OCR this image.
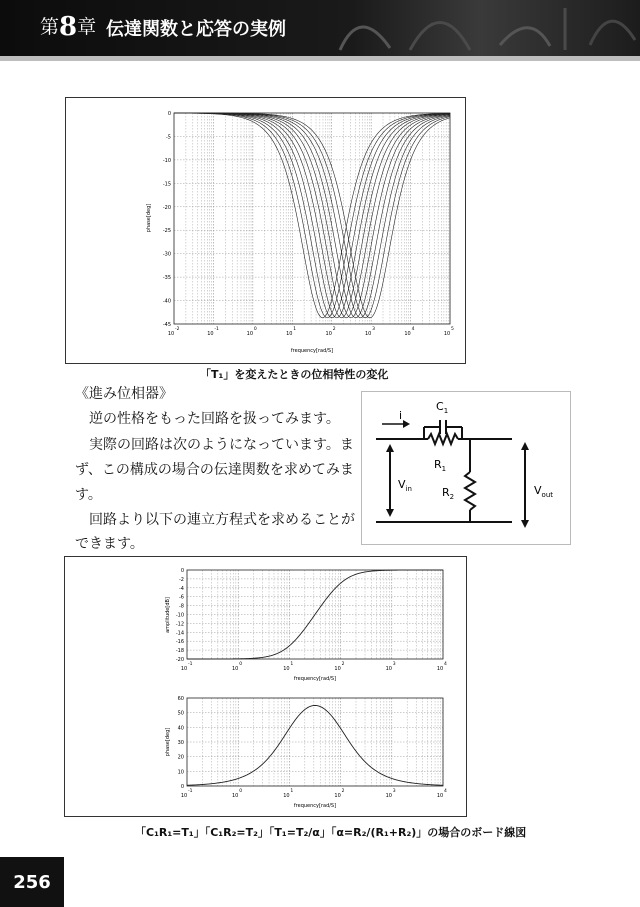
第8章 伝達関数と応答の実例
0
-5
-10
-15
-20
-25
-30
-35
-40
-45
10
-2
10
-1
10
0
10
1
10
2
10
3
10
4
10
5
phase[deg]
frequency[rad/S]
「T₁」を変えたときの位相特性の変化
《進み位相器》
　逆の性格をもった回路を扱ってみます。
　実際の回路は次のようになっています。ま
ず、この構成の場合の伝達関数を求めてみま
す。
　回路より以下の連立方程式を求めることが
できます。
i
$C_1$
$R_1$
$R_2$
$V_{in}$	$V_{out}$
0
-2
-4
-6
-8
-10
-12
-14
-16
-18
-20
10
-1
10
0
10
1
10
2
10
3
10
4
amplitude[dB]
frequency[rad/S]
60
50
40
30
20
10
0
10
-1
10
0
10
1
10
2
10
3
10
4
phase[deg]
frequency[rad/S]
「C₁R₁=T₁」「C₁R₂=T₂」「T₁=T₂/α」「α=R₂/(R₁+R₂)」の場合のボード線図
256
